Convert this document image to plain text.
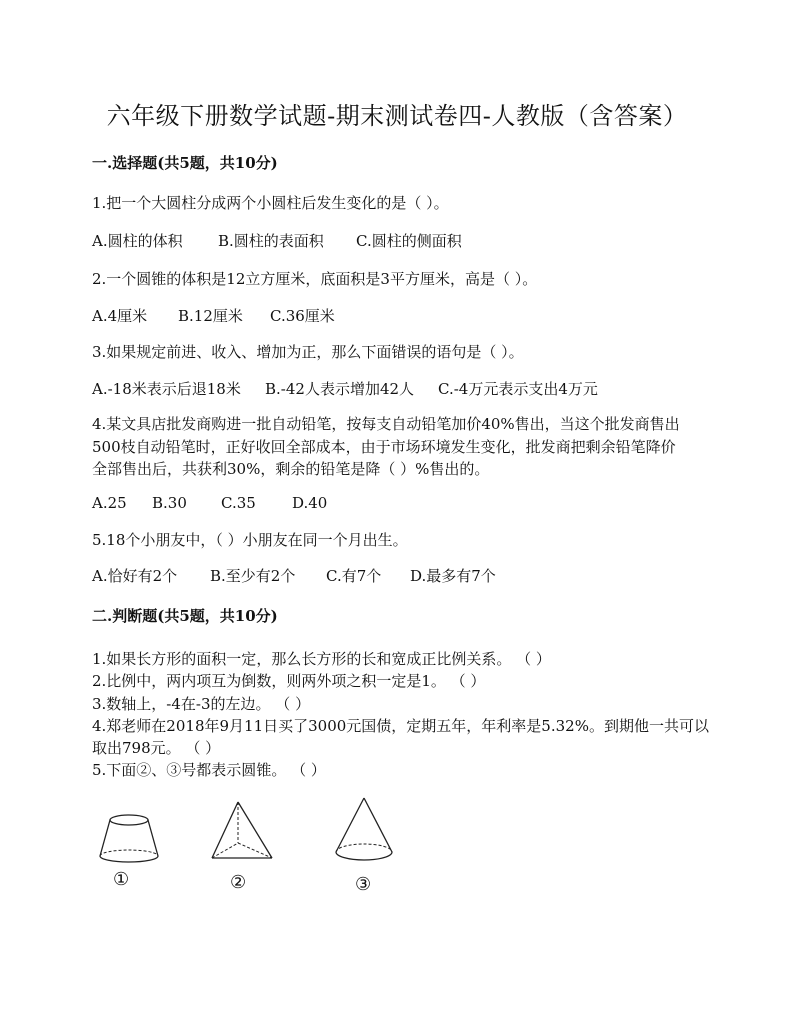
六年级下册数学试题-期末测试卷四-人教版（含答案）
一.选择题(共5题，共10分)
1.把一个大圆柱分成两个小圆柱后发生变化的是（ ）。
A.圆柱的体积 B.圆柱的表面积 C.圆柱的侧面积
2.一个圆锥的体积是12立方厘米，底面积是3平方厘米，高是（ ）。
A.4厘米 B.12厘米 C.36厘米
3.如果规定前进、收入、增加为正，那么下面错误的语句是（ ）。
A.-18米表示后退18米 B.-42人表示增加42人 C.-4万元表示支出4万元
4.某文具店批发商购进一批自动铅笔，按每支自动铅笔加价40%售出，当这个批发商售出
500枝自动铅笔时，正好收回全部成本，由于市场环境发生变化，批发商把剩余铅笔降价
全部售出后，共获利30%，剩余的铅笔是降（ ）%售出的。
A.25 B.30 C.35 D.40
5.18个小朋友中，（ ）小朋友在同一个月出生。
A.恰好有2个 B.至少有2个 C.有7个 D.最多有7个
二.判断题(共5题，共10分)
1.如果长方形的面积一定，那么长方形的长和宽成正比例关系。 （ ）
2.比例中，两内项互为倒数，则两外项之积一定是1。 （ ）
3.数轴上，-4在-3的左边。 （ ）
4.郑老师在2018年9月11日买了3000元国债，定期五年，年利率是5.32%。到期他一共可以
取出798元。 （ ）
5.下面②、③号都表示圆锥。 （ ）
①	②	③
